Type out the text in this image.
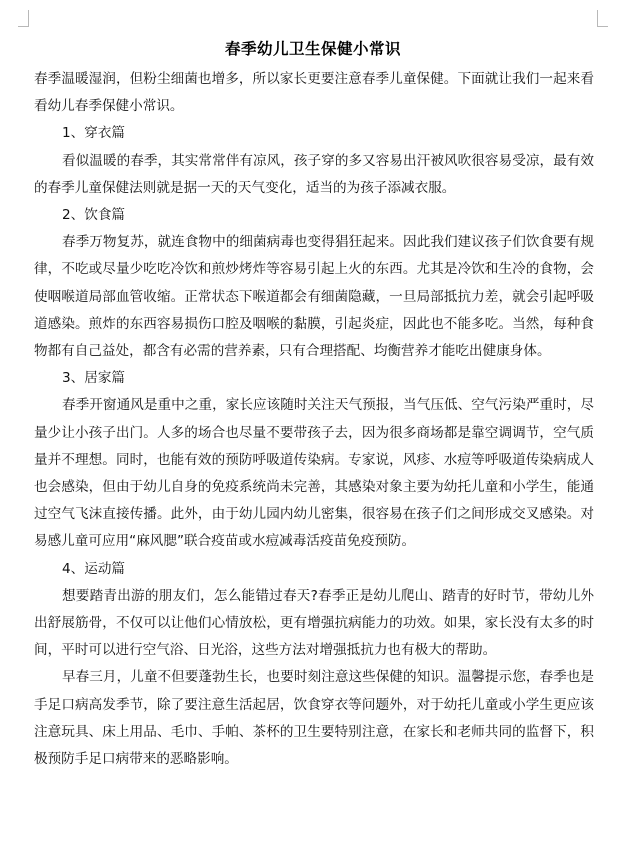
春季幼儿卫生保健小常识

春季温暖湿润，但粉尘细菌也增多，所以家长更要注意春季儿童保健。下面就让我们一起来看看幼儿春季保健小常识。

1、穿衣篇

看似温暖的春季，其实常常伴有凉风，孩子穿的多又容易出汗被风吹很容易受凉，最有效的春季儿童保健法则就是据一天的天气变化，适当的为孩子添减衣服。

2、饮食篇

春季万物复苏，就连食物中的细菌病毒也变得猖狂起来。因此我们建议孩子们饮食要有规律，不吃或尽量少吃吃冷饮和煎炒烤炸等容易引起上火的东西。尤其是冷饮和生冷的食物，会使咽喉道局部血管收缩。正常状态下喉道都会有细菌隐藏，一旦局部抵抗力差，就会引起呼吸道感染。煎炸的东西容易损伤口腔及咽喉的黏膜，引起炎症，因此也不能多吃。当然，每种食物都有自己益处，都含有必需的营养素，只有合理搭配、均衡营养才能吃出健康身体。

3、居家篇

春季开窗通风是重中之重，家长应该随时关注天气预报，当气压低、空气污染严重时，尽量少让小孩子出门。人多的场合也尽量不要带孩子去，因为很多商场都是靠空调调节，空气质量并不理想。同时，也能有效的预防呼吸道传染病。专家说，风疹、水痘等呼吸道传染病成人也会感染，但由于幼儿自身的免疫系统尚未完善，其感染对象主要为幼托儿童和小学生，能通过空气飞沫直接传播。此外，由于幼儿园内幼儿密集，很容易在孩子们之间形成交叉感染。对易感儿童可应用“麻风腮”联合疫苗或水痘减毒活疫苗免疫预防。

4、运动篇

想要踏青出游的朋友们，怎么能错过春天?春季正是幼儿爬山、踏青的好时节，带幼儿外出舒展筋骨，不仅可以让他们心情放松，更有增强抗病能力的功效。如果，家长没有太多的时间，平时可以进行空气浴、日光浴，这些方法对增强抵抗力也有极大的帮助。

早春三月，儿童不但要蓬勃生长，也要时刻注意这些保健的知识。温馨提示您，春季也是手足口病高发季节，除了要注意生活起居，饮食穿衣等问题外，对于幼托儿童或小学生更应该注意玩具、床上用品、毛巾、手帕、茶杯的卫生要特别注意，在家长和老师共同的监督下，积极预防手足口病带来的恶略影响。
